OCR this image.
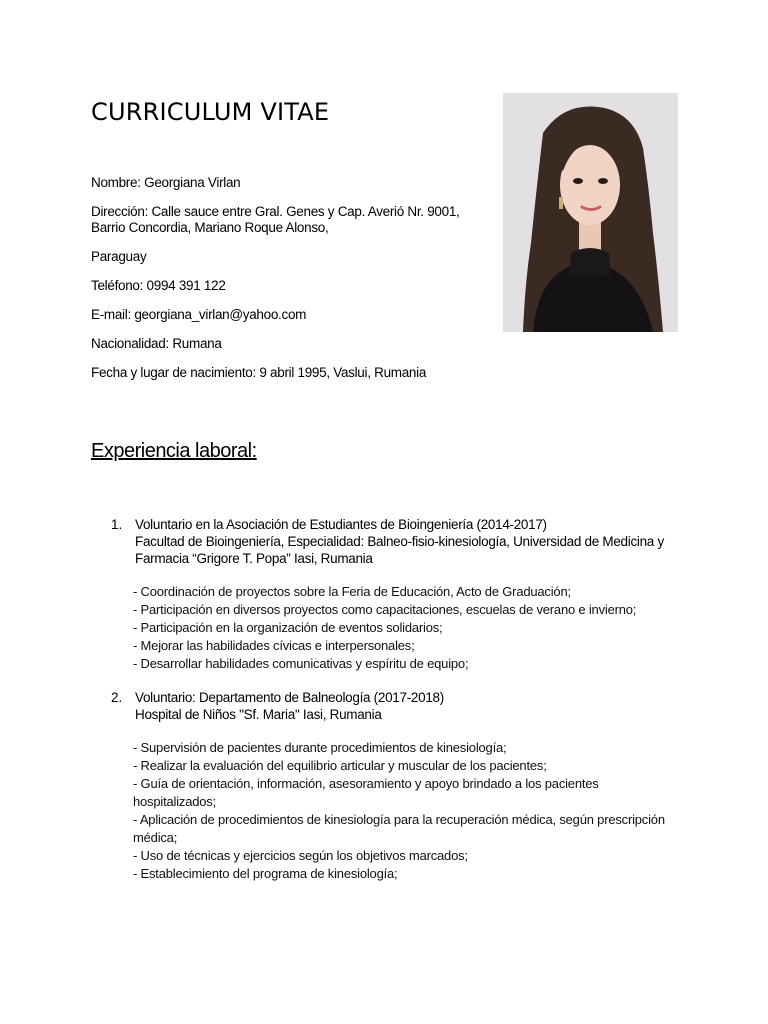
CURRICULUM VITAE

Nombre: Georgiana Virlan

Dirección: Calle sauce entre Gral. Genes y Cap. Averió Nr. 9001, Barrio Concordia, Mariano Roque Alonso,

Paraguay

Teléfono: 0994 391 122

E-mail: georgiana_virlan@yahoo.com

Nacionalidad: Rumana

Fecha y lugar de nacimiento: 9 abril 1995, Vaslui, Rumania

Experiencia laboral:
1. Voluntario en la Asociación de Estudiantes de Bioingeniería (2014-2017)
Facultad de Bioingeniería, Especialidad: Balneo-fisio-kinesiología, Universidad de Medicina y Farmacia “Grigore T. Popa” Iasi, Rumania
- Coordinación de proyectos sobre la Feria de Educación, Acto de Graduación;
- Participación en diversos proyectos como capacitaciones, escuelas de verano e invierno;
- Participación en la organización de eventos solidarios;
- Mejorar las habilidades cívicas e interpersonales;
- Desarrollar habilidades comunicativas y espíritu de equipo;
2. Voluntario: Departamento de Balneología (2017-2018)
Hospital de Niños "Sf. Maria" Iasi, Rumania
- Supervisión de pacientes durante procedimientos de kinesiología;
- Realizar la evaluación del equilibrio articular y muscular de los pacientes;
- Guía de orientación, información, asesoramiento y apoyo brindado a los pacientes hospitalizados;
- Aplicación de procedimientos de kinesiología para la recuperación médica, según prescripción médica;
- Uso de técnicas y ejercicios según los objetivos marcados;
- Establecimiento del programa de kinesiología;
